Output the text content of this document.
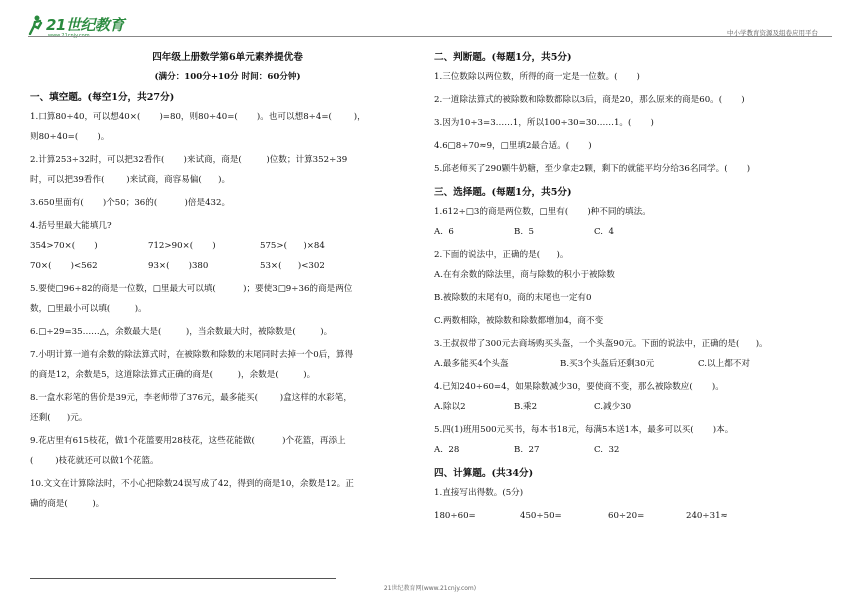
21世纪教育
www.21cnjy.com	中小学教育资源及组卷应用平台
四年级上册数学第6单元素养提优卷
(满分：100分+10分 时间：60分钟)
一、填空题。(每空1分，共27分)

1.口算80÷40，可以想40×(       )=80，则80÷40=(       )。也可以想8÷4=(        )，

则80÷40=(       )。

2.计算253÷32时，可以把32看作(       )来试商，商是(         )位数；计算352÷39

时，可以把39看作(        )来试商，商容易偏(      )。

3.650里面有(       )个50；36的(          )倍是432。

4.括号里最大能填几?

354>70×(       )	712>90×(       )	575>(      )×84
70×(       )<562	93×(       )380	53×(      )<302

5.要使□96÷82的商是一位数，□里最大可以填(          )；要使3□9÷36的商是两位

数，□里最小可以填(         )。

6.□÷29=35……△，余数最大是(         )，当余数最大时，被除数是(         )。

7.小明计算一道有余数的除法算式时，在被除数和除数的末尾同时去掉一个0后，算得

的商是12，余数是5，这道除法算式正确的商是(         )，余数是(         )。

8.一盒水彩笔的售价是39元，李老师带了376元，最多能买(        )盒这样的水彩笔，

还剩(      )元。

9.花店里有615枝花，做1个花篮要用28枝花，这些花能做(          )个花篮，再添上

(        )枝花就还可以做1个花篮。

10.文文在计算除法时，不小心把除数24误写成了42，得到的商是10，余数是12。正

确的商是(         )。

二、判断题。(每题1分，共5分)

1.三位数除以两位数，所得的商一定是一位数。(       )

2.一道除法算式的被除数和除数都除以3后，商是20，那么原来的商是60。(       )

3.因为10÷3=3……1，所以100÷30=30……1。(       )

4.6□8÷70≈9，□里填2最合适。(       )

5.邱老师买了290颗牛奶糖，至少拿走2颗，剩下的就能平均分给36名同学。(       )

三、选择题。(每题1分，共5分)

1.612÷□3的商是两位数，□里有(       )种不同的填法。

A.  6	B.  5	C.  4

2.下面的说法中，正确的是(      )。

A.在有余数的除法里，商与除数的积小于被除数

B.被除数的末尾有0，商的末尾也一定有0

C.两数相除，被除数和除数都增加4，商不变

3.王叔叔带了300元去商场购买头盔，一个头盔90元。下面的说法中，正确的是(      )。

A.最多能买4个头盔	B.买3个头盔后还剩30元	C.以上都不对

4.已知240÷60=4，如果除数减少30，要使商不变，那么被除数应(       )。

A.除以2	B.乘2	C.减少30

5.四(1)班用500元买书，每本书18元，每满5本送1本，最多可以买(       )本。

A.  28	B.  27	C.  32
四、计算题。(共34分)

1.直接写出得数。(5分)

180÷60=	450÷50=	60÷20=	240÷31≈
21世纪教育网(www.21cnjy.com)
